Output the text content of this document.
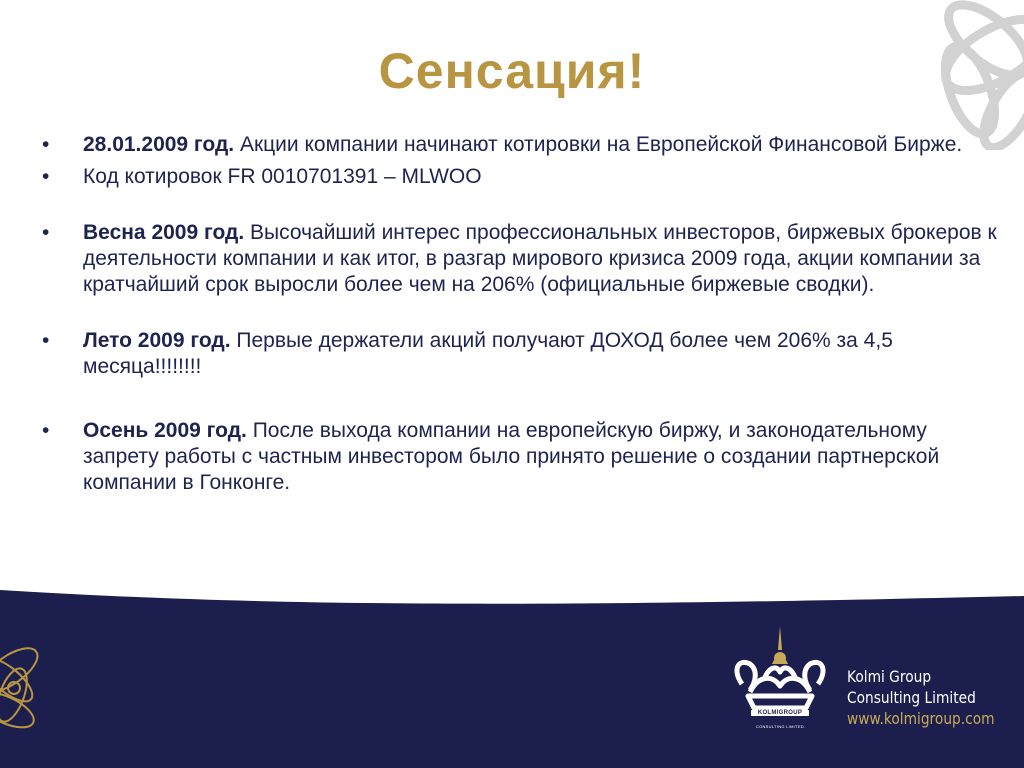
Сенсация!
• 28.01.2009 год. Акции компании начинают котировки на Европейской Финансовой Бирже.
• Код котировок FR 0010701391 – MLWOO
• Весна 2009 год. Высочайший интерес профессиональных инвесторов, биржевых брокеров к деятельности компании и как итог, в разгар мирового кризиса 2009 года, акции компании за кратчайший срок выросли более чем на 206% (официальные биржевые сводки).
• Лето 2009 год. Первые держатели акций получают ДОХОД более чем 206% за 4,5 месяца!!!!!!!!
• Осень 2009 год. После выхода компании на европейскую биржу, и законодательному запрету работы с частным инвестором было принято решение о создании партнерской компании в Гонконге.
KOLMIGROUP
CONSULTING LIMITED
Kolmi Group
Consulting Limited
www.kolmigroup.com
